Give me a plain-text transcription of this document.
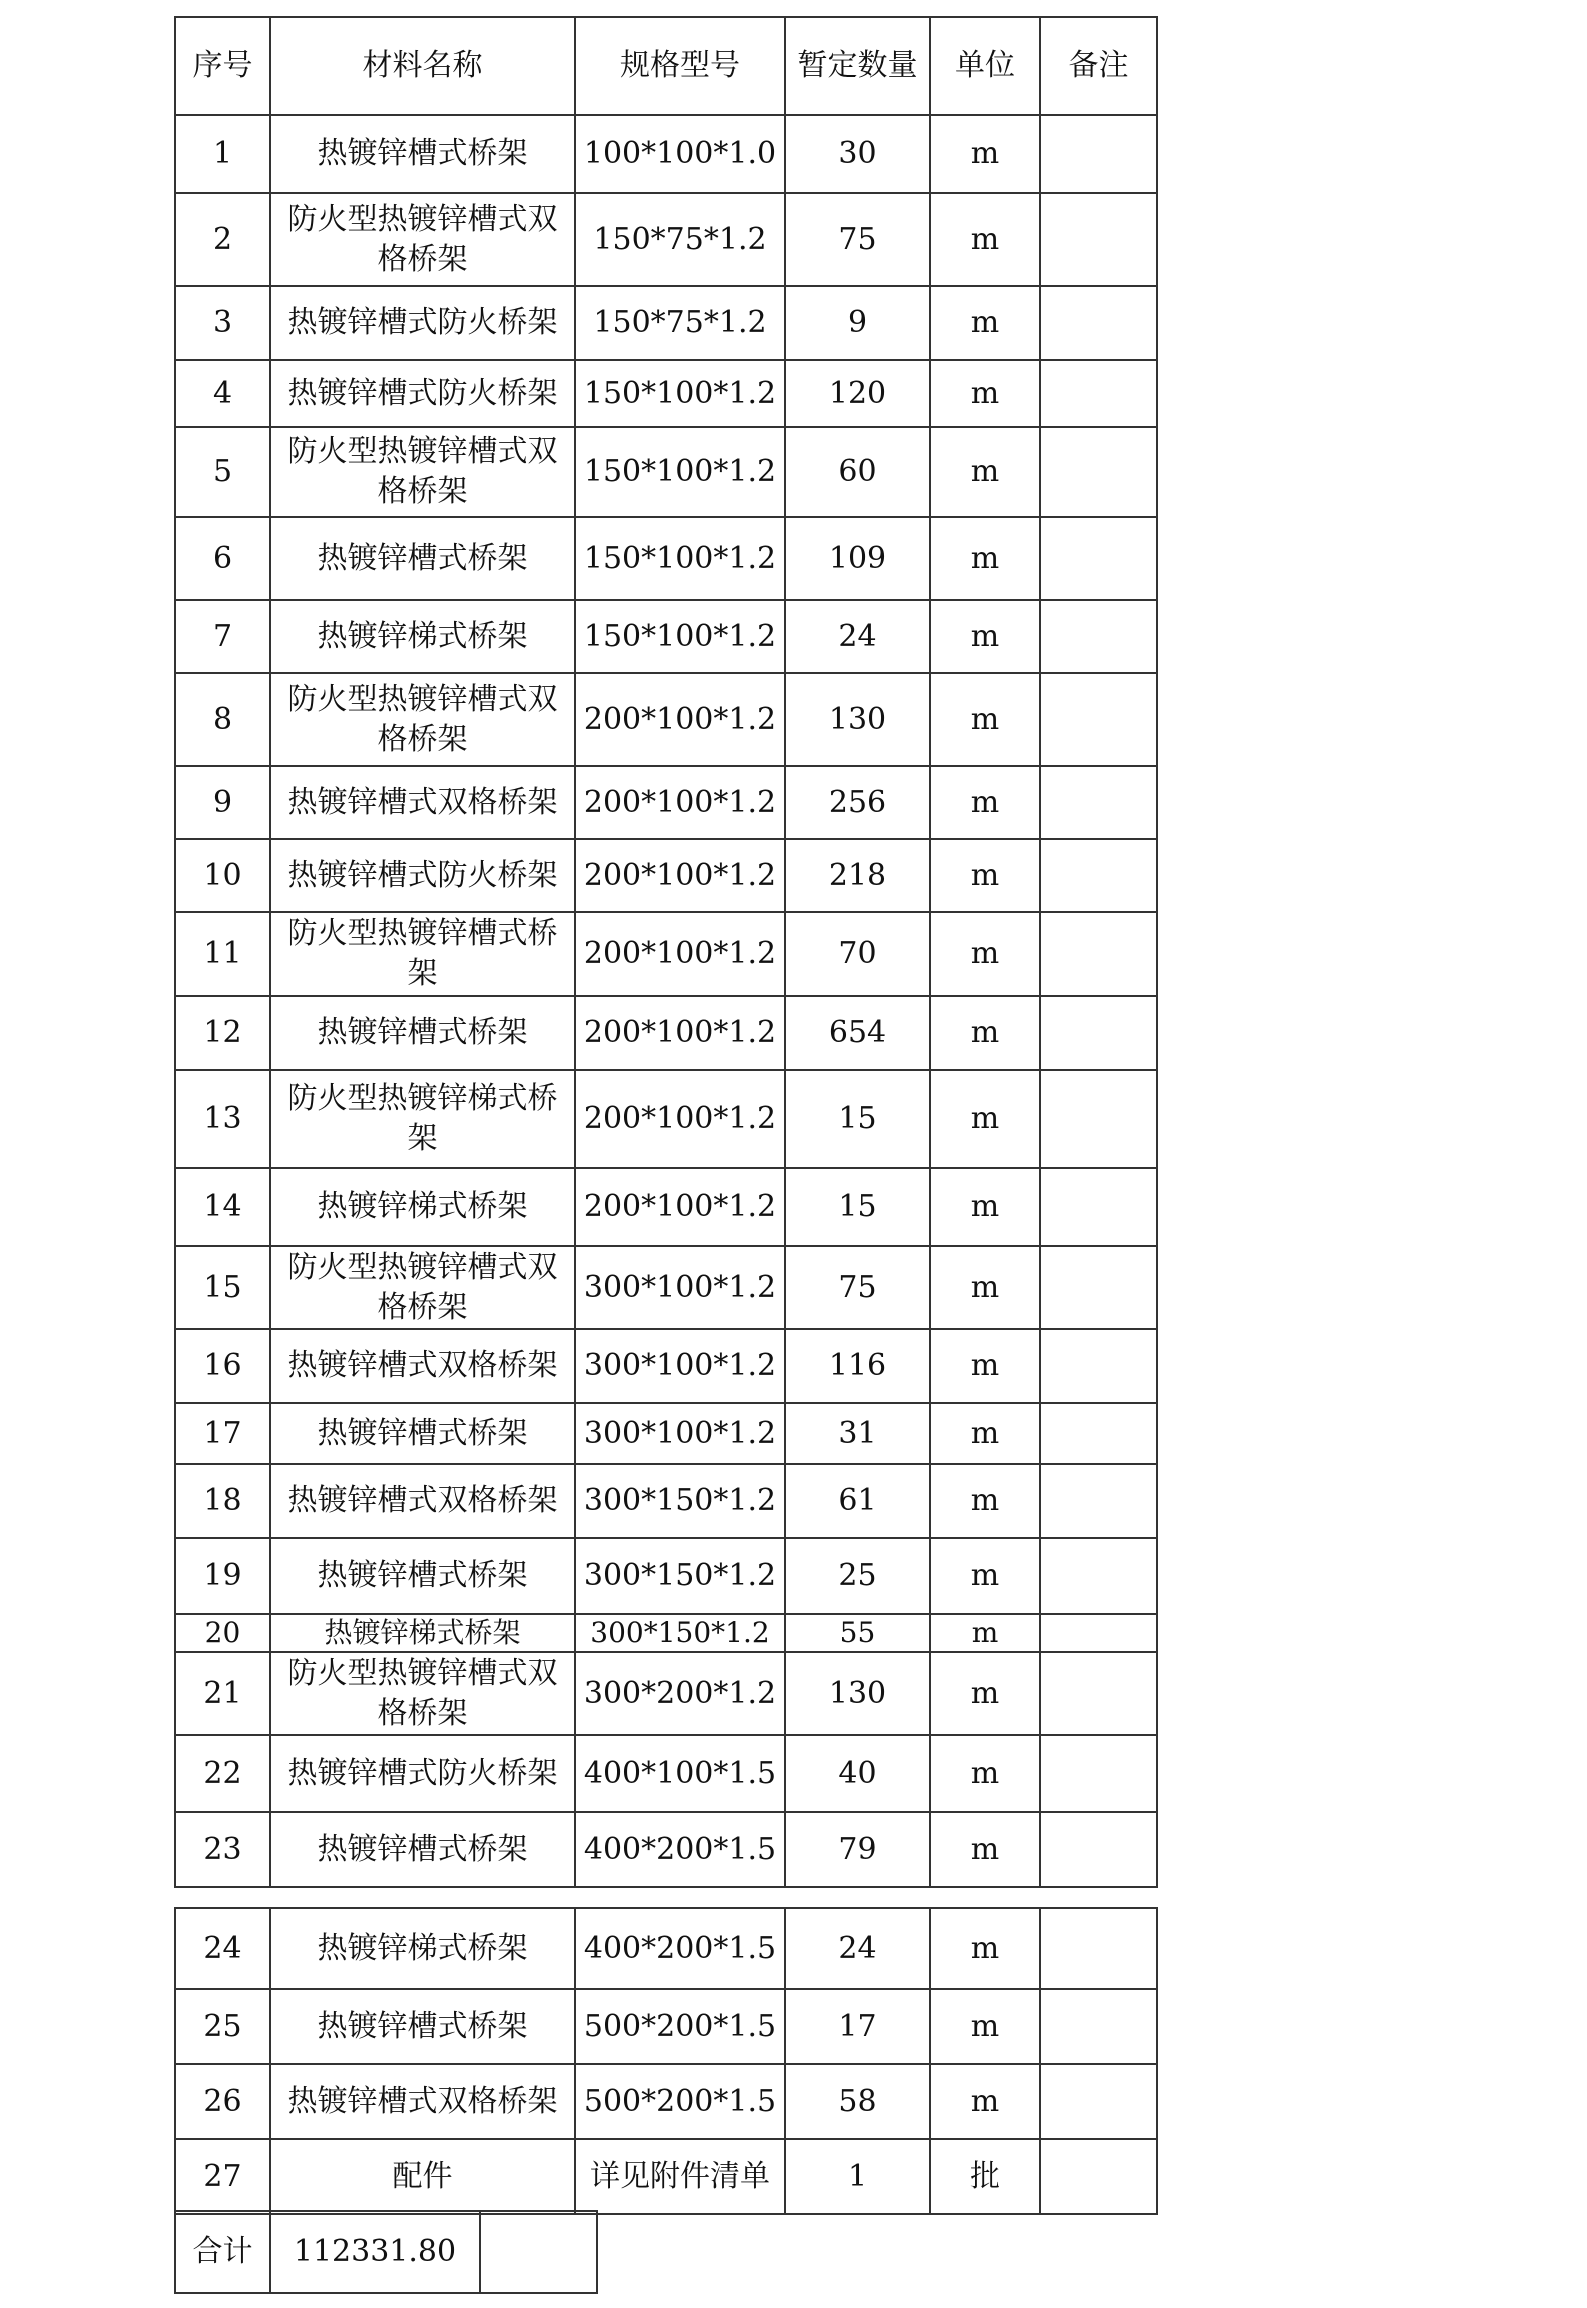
序号	材料名称	规格型号	暂定数量	单位	备注
1	热镀锌槽式桥架	100*100*1.0	30	m	
2	防火型热镀锌槽式双格桥架	150*75*1.2	75	m	
3	热镀锌槽式防火桥架	150*75*1.2	9	m	
4	热镀锌槽式防火桥架	150*100*1.2	120	m	
5	防火型热镀锌槽式双格桥架	150*100*1.2	60	m	
6	热镀锌槽式桥架	150*100*1.2	109	m	
7	热镀锌梯式桥架	150*100*1.2	24	m	
8	防火型热镀锌槽式双格桥架	200*100*1.2	130	m	
9	热镀锌槽式双格桥架	200*100*1.2	256	m	
10	热镀锌槽式防火桥架	200*100*1.2	218	m	
11	防火型热镀锌槽式桥架	200*100*1.2	70	m	
12	热镀锌槽式桥架	200*100*1.2	654	m	
13	防火型热镀锌梯式桥架	200*100*1.2	15	m	
14	热镀锌梯式桥架	200*100*1.2	15	m	
15	防火型热镀锌槽式双格桥架	300*100*1.2	75	m	
16	热镀锌槽式双格桥架	300*100*1.2	116	m	
17	热镀锌槽式桥架	300*100*1.2	31	m	
18	热镀锌槽式双格桥架	300*150*1.2	61	m	
19	热镀锌槽式桥架	300*150*1.2	25	m	
20	热镀锌梯式桥架	300*150*1.2	55	m	
21	防火型热镀锌槽式双格桥架	300*200*1.2	130	m	
22	热镀锌槽式防火桥架	400*100*1.5	40	m	
23	热镀锌槽式桥架	400*200*1.5	79	m	
24	热镀锌梯式桥架	400*200*1.5	24	m	
25	热镀锌槽式桥架	500*200*1.5	17	m	
26	热镀锌槽式双格桥架	500*200*1.5	58	m	
27	配件	详见附件清单	1	批	
合计	112331.80	
